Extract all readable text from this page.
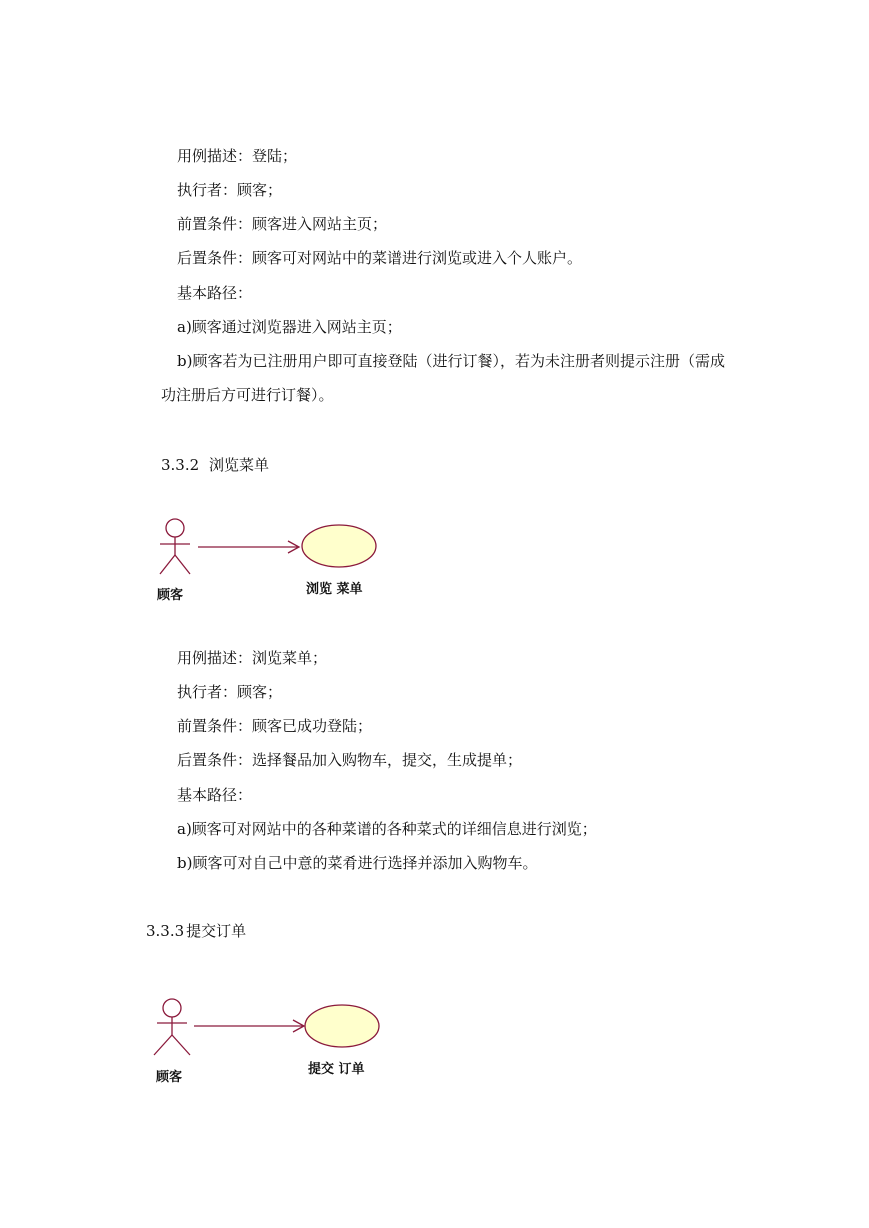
用例描述：登陆；
执行者：顾客；
前置条件：顾客进入网站主页；
后置条件：顾客可对网站中的菜谱进行浏览或进入个人账户。
基本路径：
a)顾客通过浏览器进入网站主页；
b)顾客若为已注册用户即可直接登陆（进行订餐），若为未注册者则提示注册（需成
功注册后方可进行订餐）。
3.3.2 浏览菜单
顾客	浏览 菜单
用例描述：浏览菜单；
执行者：顾客；
前置条件：顾客已成功登陆；
后置条件：选择餐品加入购物车，提交，生成提单；
基本路径：
a)顾客可对网站中的各种菜谱的各种菜式的详细信息进行浏览；
b)顾客可对自己中意的菜肴进行选择并添加入购物车。
3.3.3 提交订单
顾客
提交 订单
